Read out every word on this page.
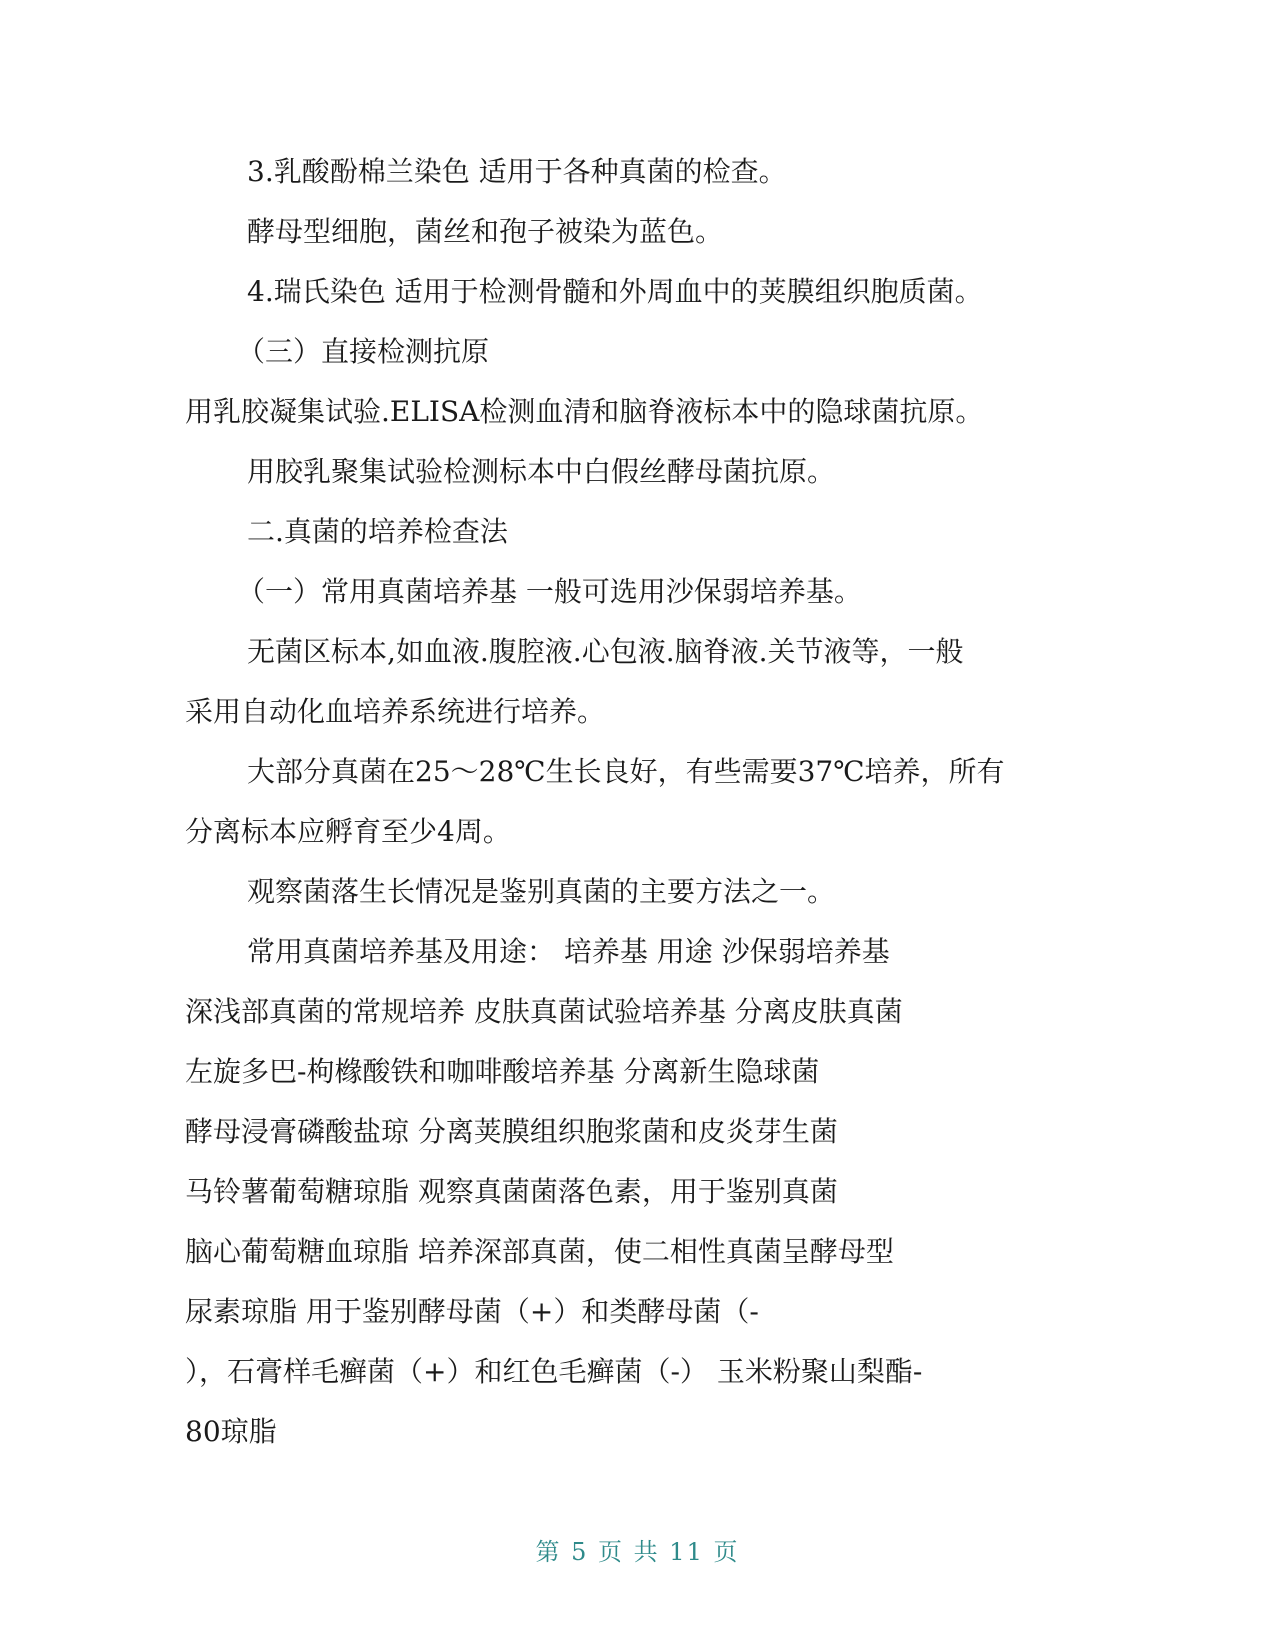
3.乳酸酚棉兰染色 适用于各种真菌的检查。
酵母型细胞，菌丝和孢子被染为蓝色。
4.瑞氏染色 适用于检测骨髓和外周血中的荚膜组织胞质菌。
（三）直接检测抗原
用乳胶凝集试验.ELISA检测血清和脑脊液标本中的隐球菌抗原。
用胶乳聚集试验检测标本中白假丝酵母菌抗原。
二.真菌的培养检查法
（一）常用真菌培养基 一般可选用沙保弱培养基。
无菌区标本,如血液.腹腔液.心包液.脑脊液.关节液等，一般
采用自动化血培养系统进行培养。
大部分真菌在25～28℃生长良好，有些需要37℃培养，所有
分离标本应孵育至少4周。
观察菌落生长情况是鉴别真菌的主要方法之一。
常用真菌培养基及用途： 培养基 用途 沙保弱培养基
深浅部真菌的常规培养 皮肤真菌试验培养基 分离皮肤真菌
左旋多巴-枸橼酸铁和咖啡酸培养基 分离新生隐球菌
酵母浸膏磷酸盐琼 分离荚膜组织胞浆菌和皮炎芽生菌
马铃薯葡萄糖琼脂 观察真菌菌落色素，用于鉴别真菌
脑心葡萄糖血琼脂 培养深部真菌，使二相性真菌呈酵母型
尿素琼脂 用于鉴别酵母菌（+）和类酵母菌（-
），石膏样毛癣菌（+）和红色毛癣菌（-） 玉米粉聚山梨酯-
80琼脂
第 5 页 共 11 页
